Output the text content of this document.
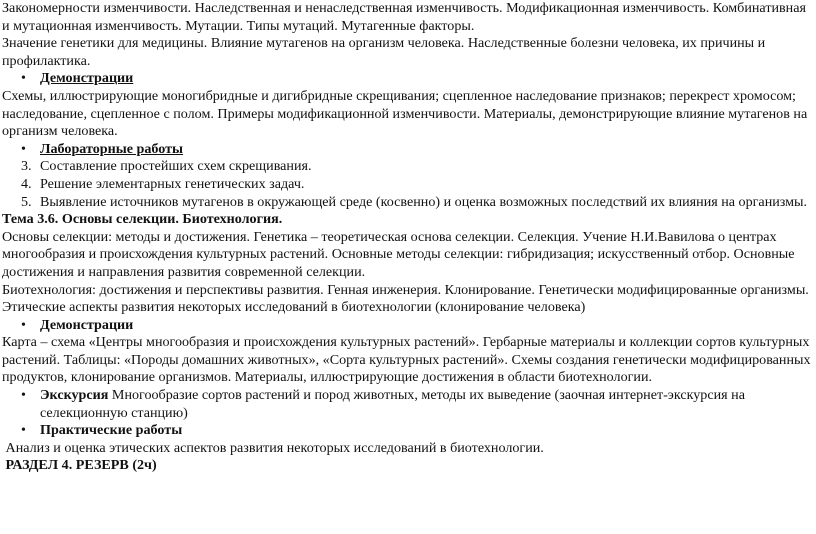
Закономерности изменчивости. Наследственная и ненаследственная изменчивость. Модификационная изменчивость. Комбинативная и мутационная изменчивость. Мутации. Типы мутаций. Мутагенные факторы.

Значение генетики для медицины. Влияние мутагенов на организм человека. Наследственные болезни человека, их причины и профилактика.

• Демонстрации

Схемы, иллюстрирующие моногибридные и дигибридные скрещивания; сцепленное наследование признаков; перекрест хромосом; наследование, сцепленное с полом. Примеры модификационной изменчивости. Материалы, демонстрирующие влияние мутагенов на организм человека.

• Лабораторные работы

3. Составление простейших схем скрещивания.

4. Решение элементарных генетических задач.

5. Выявление источников мутагенов в окружающей среде (косвенно) и оценка возможных последствий их влияния на организмы.

Тема 3.6. Основы селекции. Биотехнология.

Основы селекции: методы и достижения. Генетика – теоретическая основа селекции. Селекция. Учение Н.И.Вавилова о центрах многообразия и происхождения культурных растений. Основные методы селекции: гибридизация; искусственный отбор. Основные достижения и направления развития современной селекции.

Биотехнология: достижения и перспективы развития. Генная инженерия. Клонирование. Генетически модифицированные организмы. Этические аспекты развития некоторых исследований в биотехнологии (клонирование человека)

• Демонстрации

Карта – схема «Центры многообразия и происхождения культурных растений». Гербарные материалы и коллекции сортов культурных растений. Таблицы: «Породы домашних животных», «Сорта культурных растений». Схемы создания генетически модифицированных продуктов, клонирование организмов. Материалы, иллюстрирующие достижения в области биотехнологии.

• Экскурсия Многообразие сортов растений и пород животных, методы их выведение (заочная интернет-экскурсия на селекционную станцию)

• Практические работы

Анализ и оценка этических аспектов развития некоторых исследований в биотехнологии.

РАЗДЕЛ 4. РЕЗЕРВ (2ч)
